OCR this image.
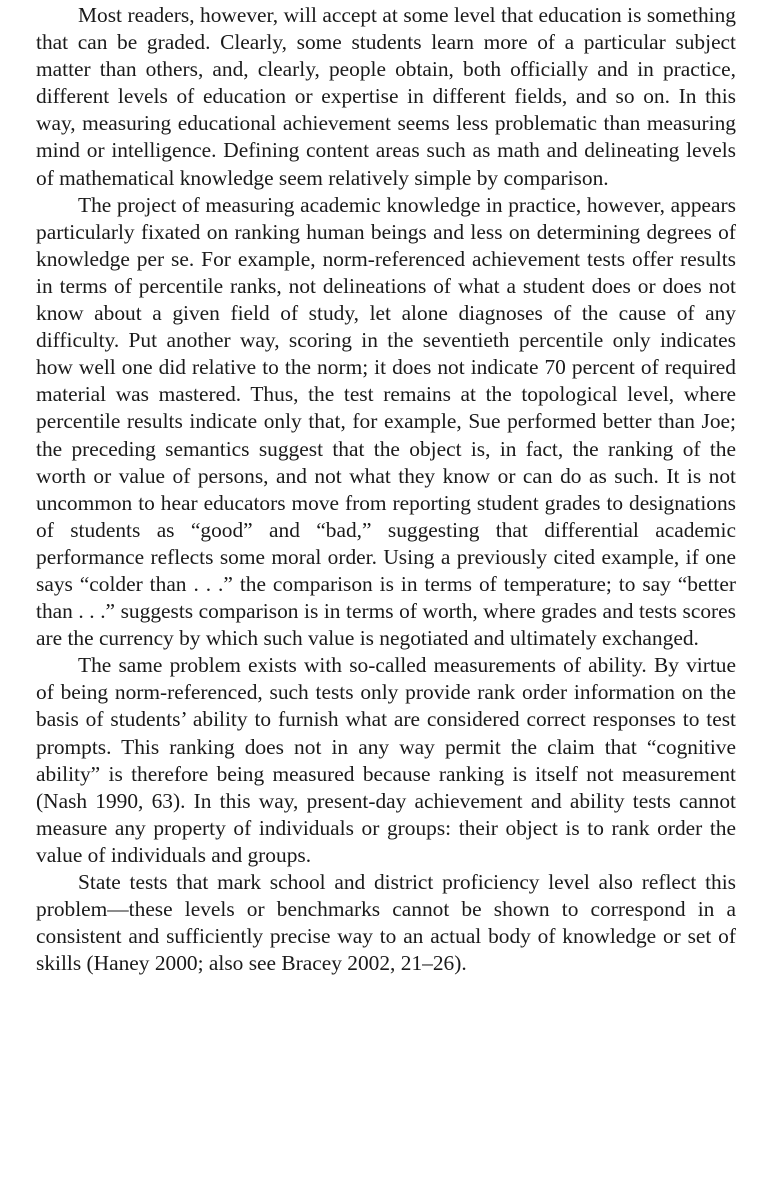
Most readers, however, will accept at some level that education is something that can be graded. Clearly, some students learn more of a particular subject matter than others, and, clearly, people obtain, both officially and in practice, different levels of education or expertise in different fields, and so on. In this way, measuring educational achievement seems less problematic than measuring mind or intelligence. Defining content areas such as math and delineating levels of mathematical knowledge seem relatively simple by comparison.

The project of measuring academic knowledge in practice, however, appears particularly fixated on ranking human beings and less on determining degrees of knowledge per se. For example, norm-referenced achievement tests offer results in terms of percentile ranks, not delineations of what a student does or does not know about a given field of study, let alone diagnoses of the cause of any difficulty. Put another way, scoring in the seventieth percentile only indicates how well one did relative to the norm; it does not indicate 70 percent of required material was mastered. Thus, the test remains at the topological level, where percentile results indicate only that, for example, Sue performed better than Joe; the preceding semantics suggest that the object is, in fact, the ranking of the worth or value of persons, and not what they know or can do as such. It is not uncommon to hear educators move from reporting student grades to designations of students as “good” and “bad,” suggesting that differential academic performance reflects some moral order. Using a previously cited example, if one says “colder than . . .” the comparison is in terms of temperature; to say “better than . . .” suggests comparison is in terms of worth, where grades and tests scores are the currency by which such value is negotiated and ultimately exchanged.

The same problem exists with so-called measurements of ability. By virtue of being norm-referenced, such tests only provide rank order information on the basis of students’ ability to furnish what are considered correct responses to test prompts. This ranking does not in any way permit the claim that “cognitive ability” is therefore being measured because ranking is itself not measurement (Nash 1990, 63). In this way, present-day achievement and ability tests cannot measure any property of individuals or groups: their object is to rank order the value of individuals and groups.

State tests that mark school and district proficiency level also reflect this problem—these levels or benchmarks cannot be shown to correspond in a consistent and sufficiently precise way to an actual body of knowledge or set of skills (Haney 2000; also see Bracey 2002, 21–26).
